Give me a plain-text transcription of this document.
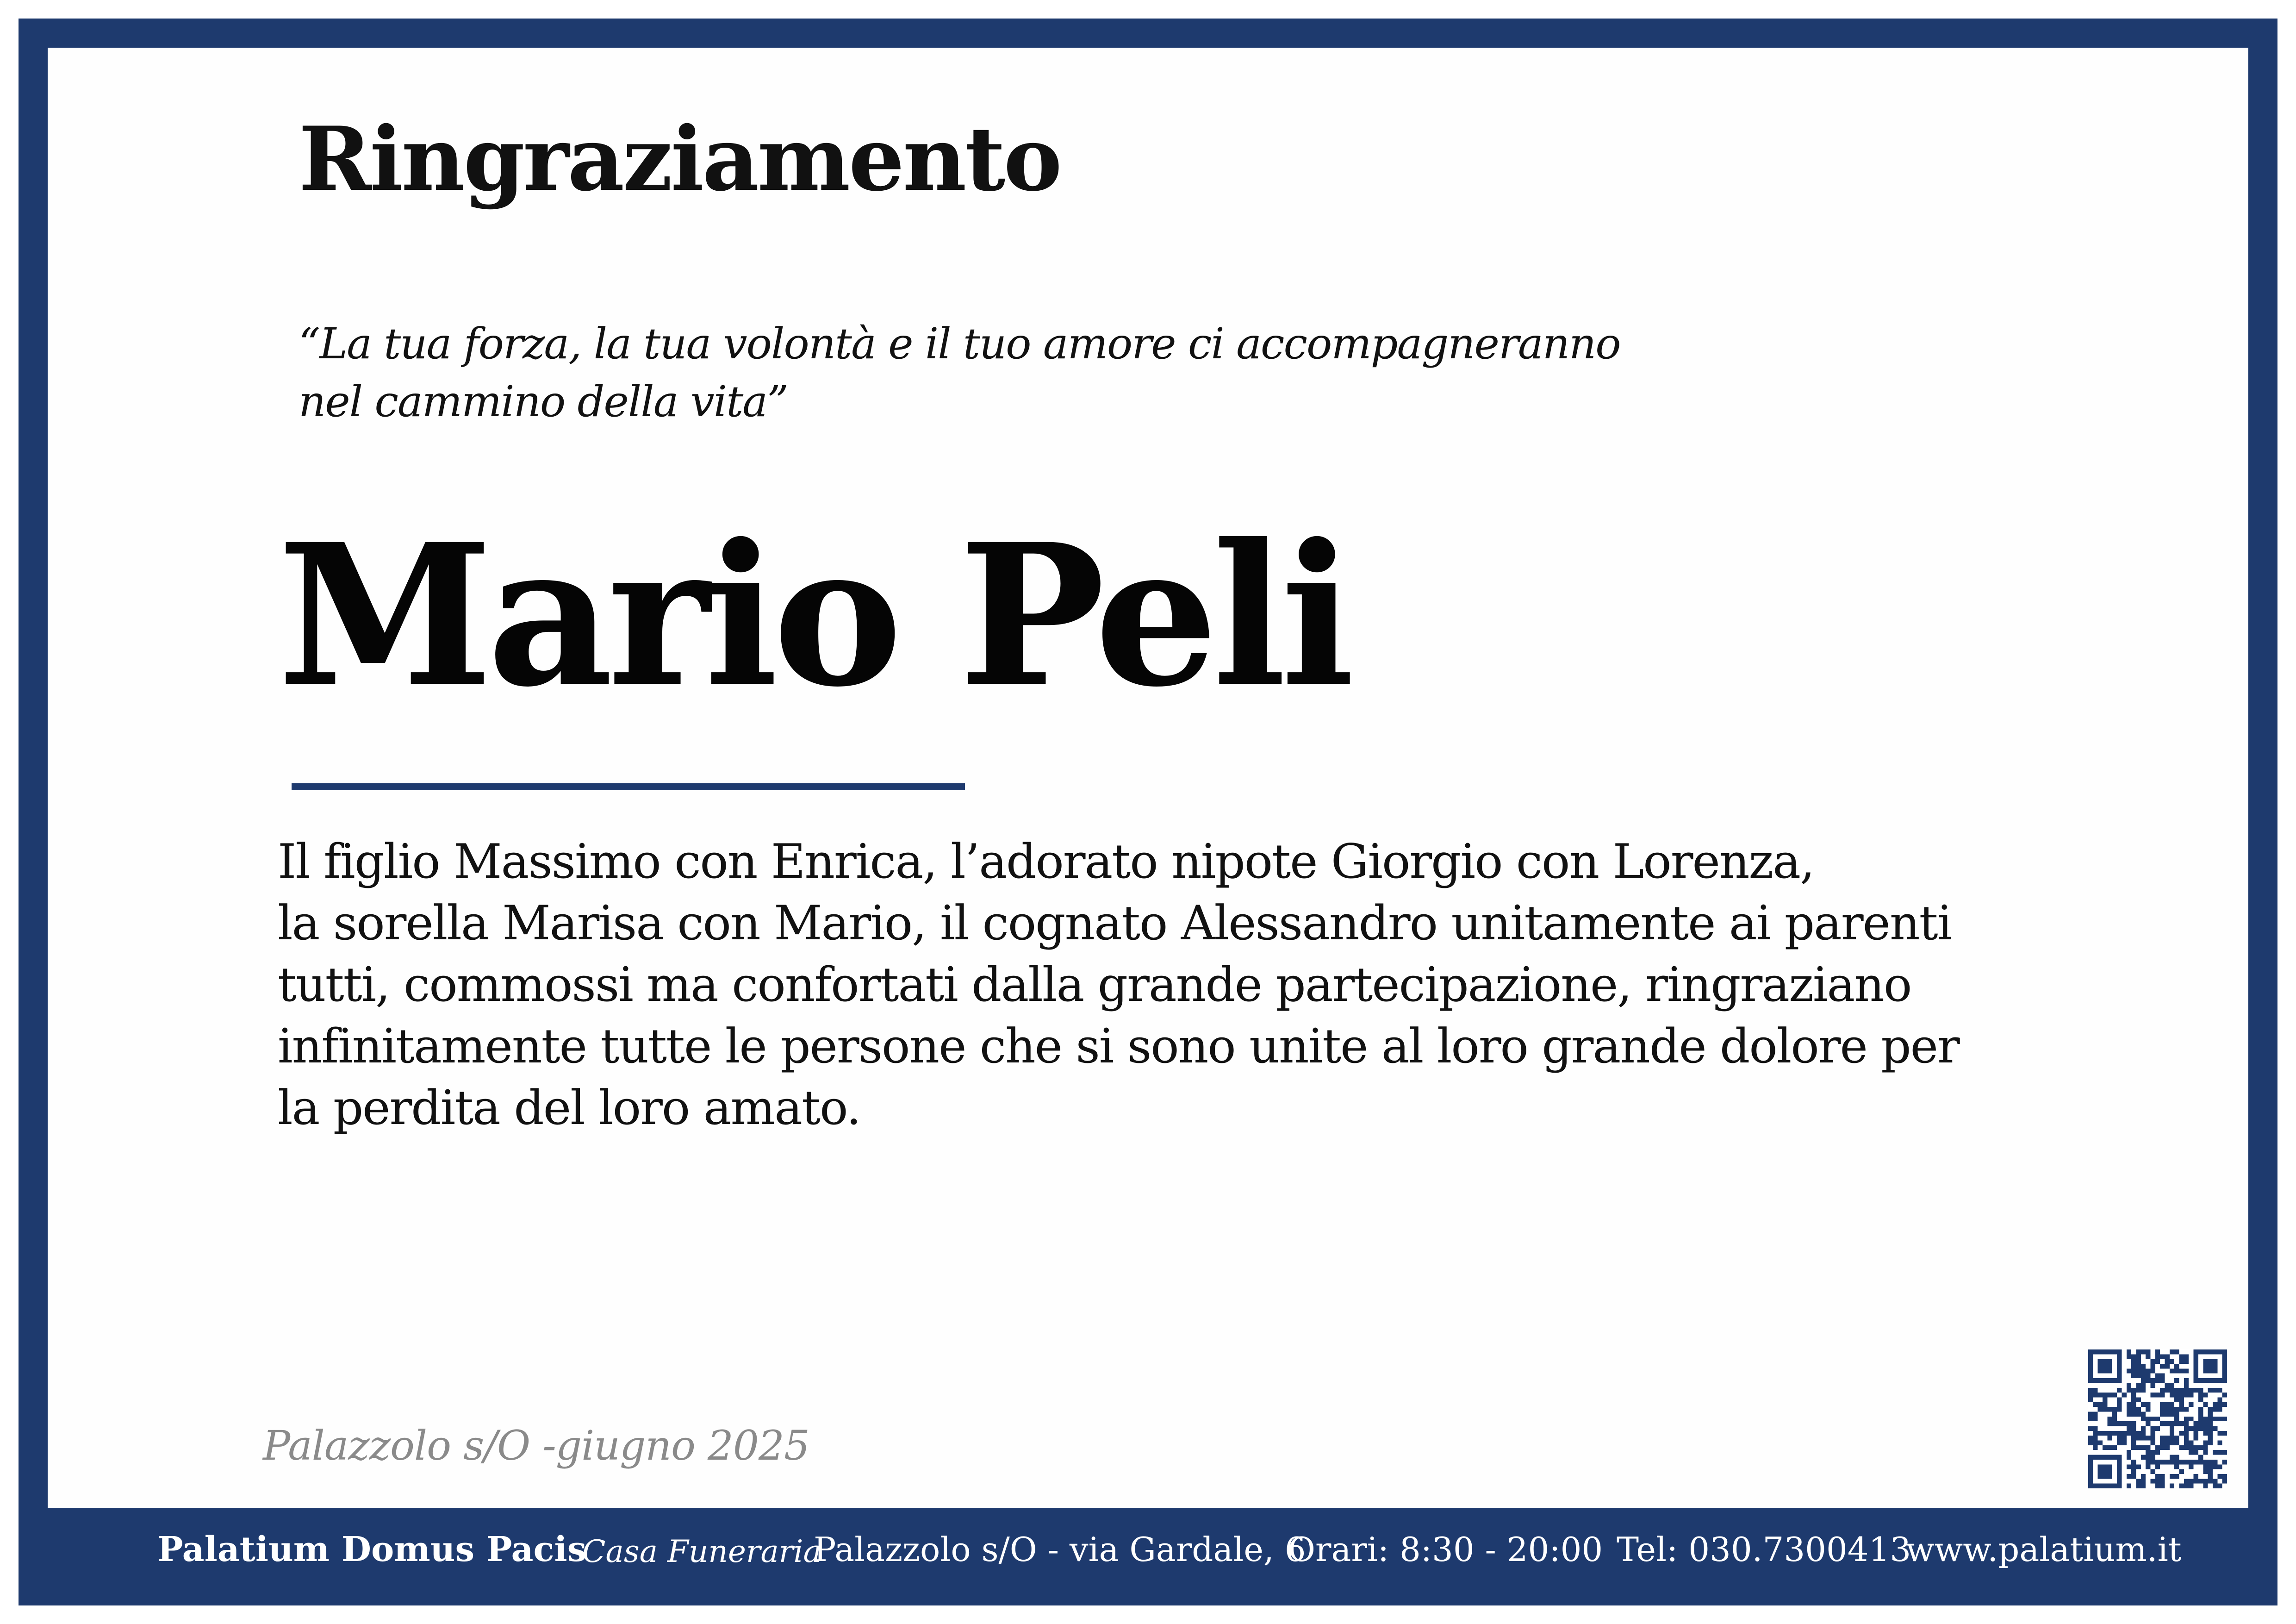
Ringraziamento

“La tua forza, la tua volontà e il tuo amore ci accompagneranno
nel cammino della vita”

Mario Peli

Il figlio Massimo con Enrica, l’adorato nipote Giorgio con Lorenza,
la sorella Marisa con Mario, il cognato Alessandro unitamente ai parenti
tutti, commossi ma confortati dalla grande partecipazione, ringraziano
infinitamente tutte le persone che si sono unite al loro grande dolore per
la perdita del loro amato.

Palazzolo s/O -giugno 2025

Palatium Domus Pacis
Casa Funeraria
Palazzolo s/O - via Gardale, 6
Orari: 8:30 - 20:00 Tel: 030.7300413
www.palatium.it
